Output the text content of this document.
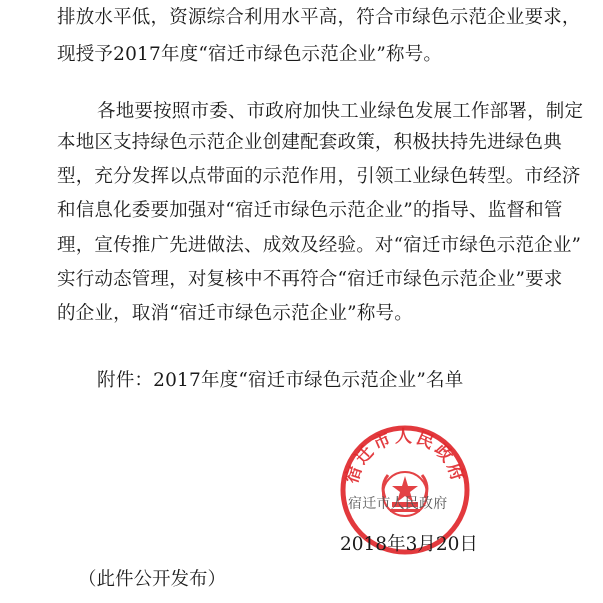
排放水平低，资源综合利用水平高，符合市绿色示范企业要求，
现授予2017年度“宿迁市绿色示范企业”称号。
各地要按照市委、市政府加快工业绿色发展工作部署，制定
本地区支持绿色示范企业创建配套政策，积极扶持先进绿色典
型，充分发挥以点带面的示范作用，引领工业绿色转型。市经济
和信息化委要加强对“宿迁市绿色示范企业”的指导、监督和管
理，宣传推广先进做法、成效及经验。对“宿迁市绿色示范企业”
实行动态管理，对复核中不再符合“宿迁市绿色示范企业”要求
的企业，取消“宿迁市绿色示范企业”称号。
附件：2017年度“宿迁市绿色示范企业”名单
宿迁市人民政府
宿迁市人民政府
2018年3月20日
（此件公开发布）
